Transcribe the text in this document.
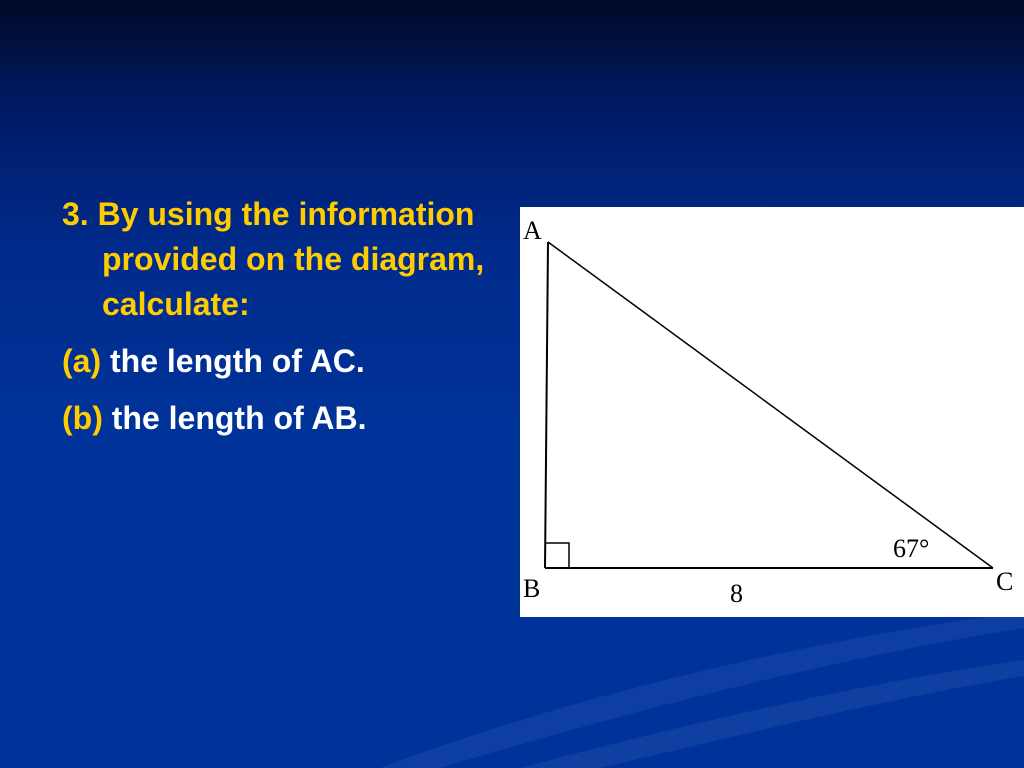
3. By using the information provided on the diagram, calculate:

(a) the length of AC.

(b) the length of AB.

A
B	C
67°
8
